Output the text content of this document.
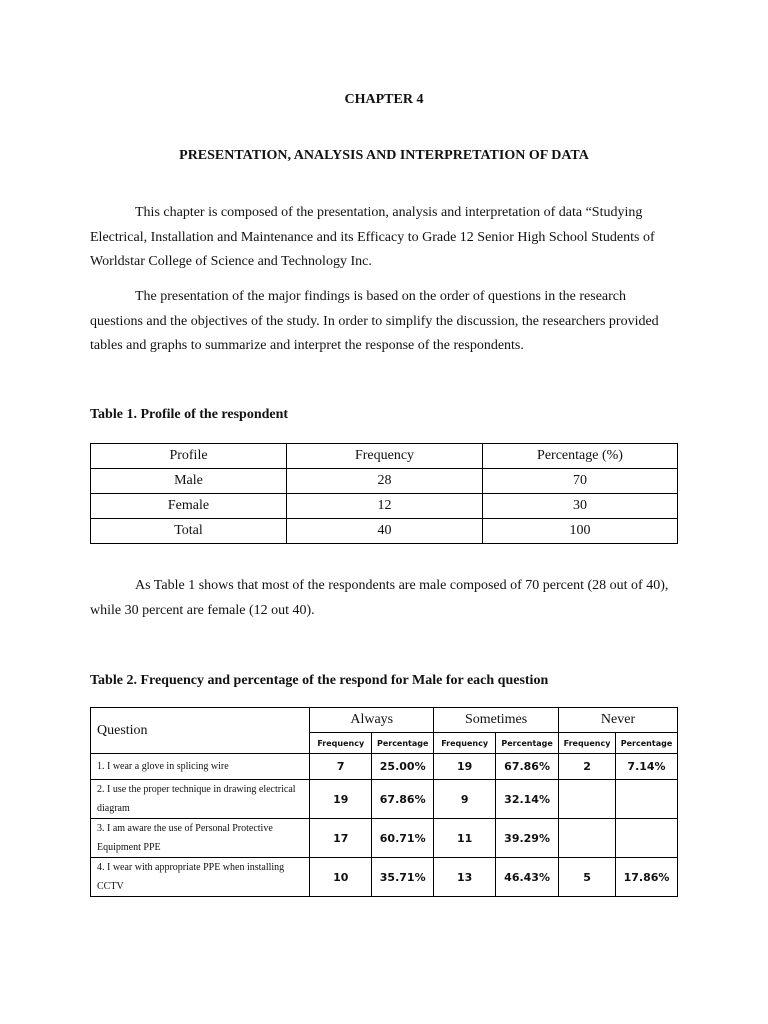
CHAPTER 4
PRESENTATION, ANALYSIS AND INTERPRETATION OF DATA

This chapter is composed of the presentation, analysis and interpretation of data “Studying Electrical, Installation and Maintenance and its Efficacy to Grade 12 Senior High School Students of Worldstar College of Science and Technology Inc.

The presentation of the major findings is based on the order of questions in the research questions and the objectives of the study. In order to simplify the discussion, the researchers provided tables and graphs to summarize and interpret the response of the respondents.

Table 1. Profile of the respondent
Profile	Frequency	Percentage (%)
Male	28	70
Female	12	30
Total	40	100

As Table 1 shows that most of the respondents are male composed of 70 percent (28 out of 40), while 30 percent are female (12 out 40).

Table 2. Frequency and percentage of the respond for Male for each question
Question	Always		Sometimes		Never	
	Frequency	Percentage	Frequency	Percentage	Frequency	Percentage
1. I wear a glove in splicing wire	7	25.00%	19	67.86%	2	7.14%
2. I use the proper technique in drawing electrical diagram	19	67.86%	9	32.14%		
3. I am aware the use of Personal Protective Equipment PPE	17	60.71%	11	39.29%		
4. I wear with appropriate PPE when installing CCTV	10	35.71%	13	46.43%	5	17.86%
